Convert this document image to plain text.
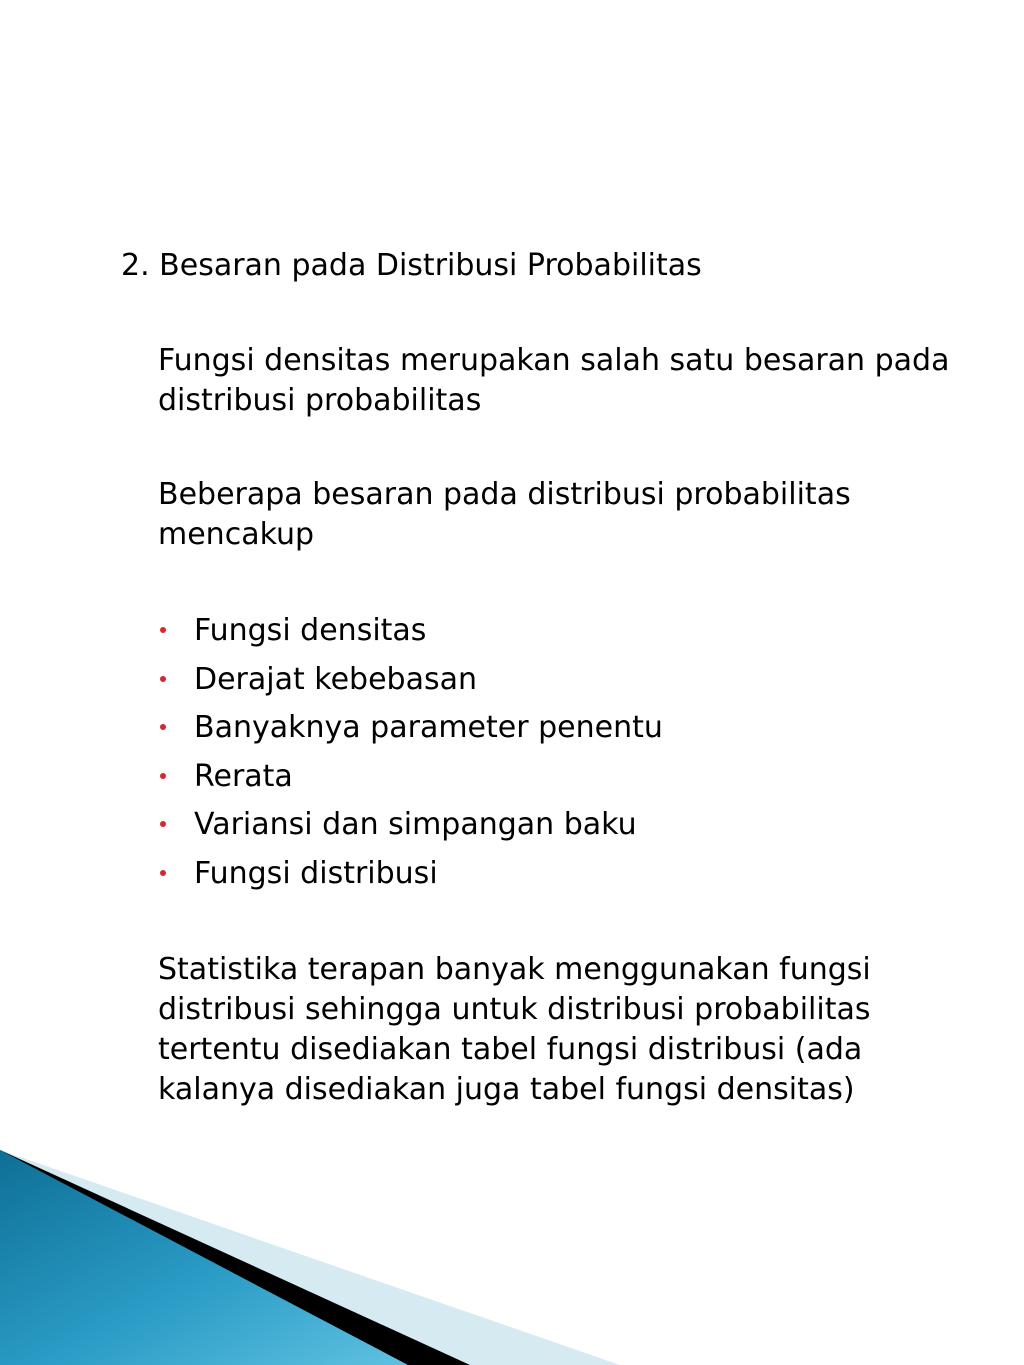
2. Besaran pada Distribusi Probabilitas

Fungsi densitas merupakan salah satu besaran pada distribusi probabilitas

Beberapa besaran pada distribusi probabilitas mencakup

Fungsi densitas
Derajat kebebasan
Banyaknya parameter penentu
Rerata
Variansi dan simpangan baku
Fungsi distribusi

Statistika terapan banyak menggunakan fungsi distribusi sehingga untuk distribusi probabilitas tertentu disediakan tabel fungsi distribusi (ada kalanya disediakan juga tabel fungsi densitas)
